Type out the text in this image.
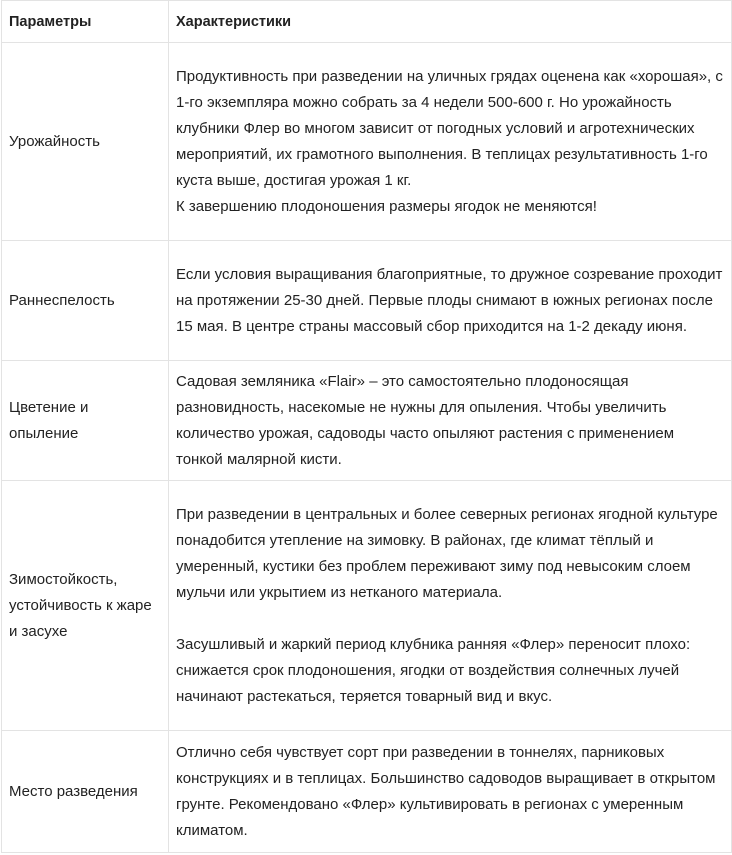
Параметры	Характеристики
Урожайность	Продуктивность при разведении на уличных грядах оценена как «хорошая», с 1-го экземпляра можно собрать за 4 недели 500-600 г. Но урожайность клубники Флер во многом зависит от погодных условий и агротехнических мероприятий, их грамотного выполнения. В теплицах результативность 1-го куста выше, достигая урожая 1 кг.

К завершению плодоношения размеры ягодок не меняются!

Раннеспелость	Если условия выращивания благоприятные, то дружное созревание проходит на протяжении 25-30 дней. Первые плоды снимают в южных регионах после 15 мая. В центре страны массовый сбор приходится на 1-2 декаду июня.

Цветение и опыление	Садовая земляника «Flair» – это самостоятельно плодоносящая разновидность, насекомые не нужны для опыления. Чтобы увеличить количество урожая, садоводы часто опыляют растения с применением тонкой малярной кисти.

Зимостойкость, устойчивость к жаре и засухе	При разведении в центральных и более северных регионах ягодной культуре понадобится утепление на зимовку. В районах, где климат тёплый и умеренный, кустики без проблем переживают зиму под невысоким слоем мульчи или укрытием из нетканого материала.

Засушливый и жаркий период клубника ранняя «Флер» переносит плохо: снижается срок плодоношения, ягодки от воздействия солнечных лучей начинают растекаться, теряется товарный вид и вкус.

Место разведения	Отлично себя чувствует сорт при разведении в тоннелях, парниковых конструкциях и в теплицах. Большинство садоводов выращивает в открытом грунте. Рекомендовано «Флер» культивировать в регионах с умеренным климатом.
